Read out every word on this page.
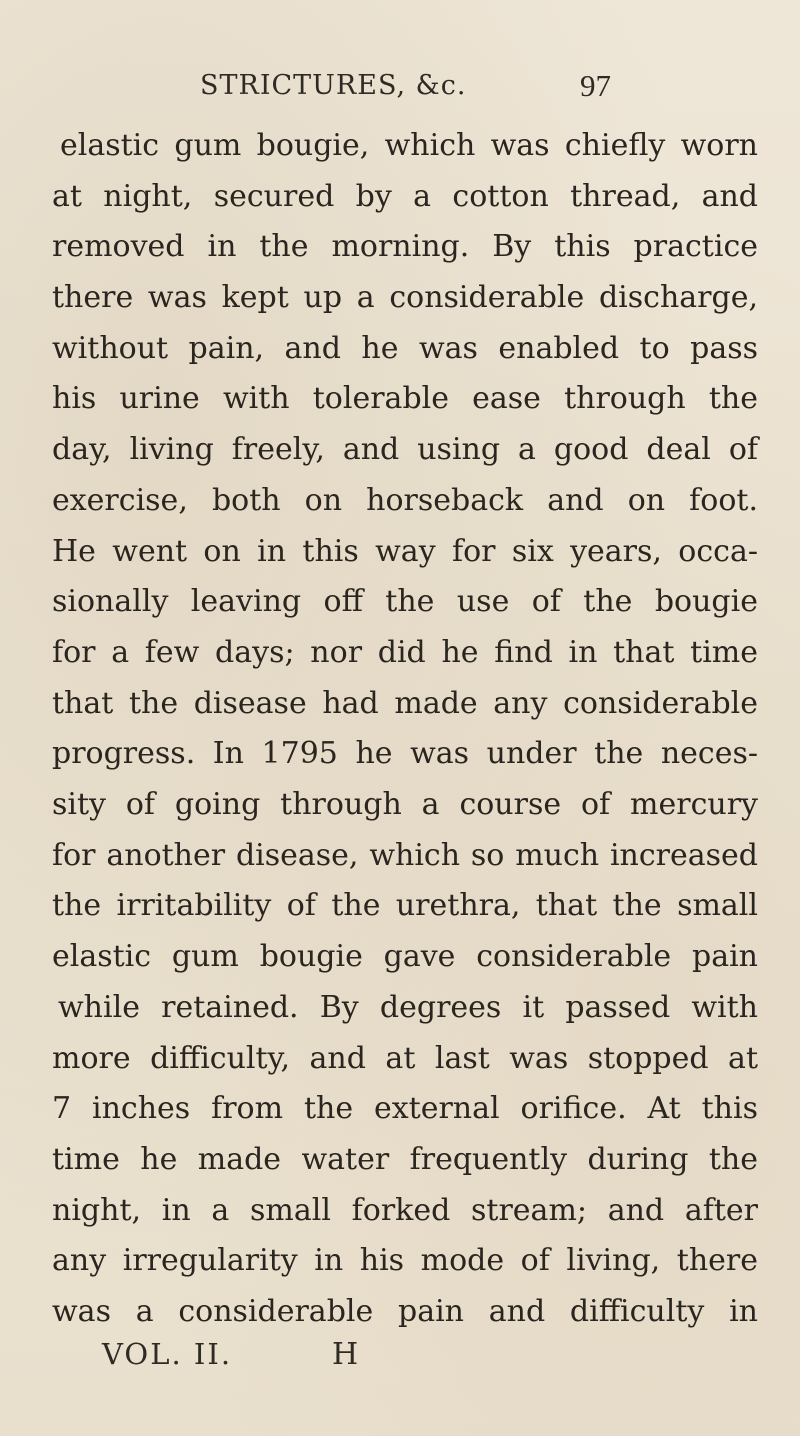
STRICTURES, &c.	97
elastic gum bougie, which was chiefly worn
at night, secured by a cotton thread, and
removed in the morning. By this practice
there was kept up a considerable discharge,
without pain, and he was enabled to pass
his urine with tolerable ease through the
day, living freely, and using a good deal of
exercise, both on horseback and on foot.
He went on in this way for six years, occa-
sionally leaving off the use of the bougie
for a few days; nor did he find in that time
that the disease had made any considerable
progress. In 1795 he was under the neces-
sity of going through a course of mercury
for another disease, which so much increased
the irritability of the urethra, that the small
elastic gum bougie gave considerable pain
while retained. By degrees it passed with
more difficulty, and at last was stopped at
7 inches from the external orifice. At this
time he made water frequently during the
night, in a small forked stream; and after
any irregularity in his mode of living, there
was a considerable pain and difficulty in
VOL. II.	H
